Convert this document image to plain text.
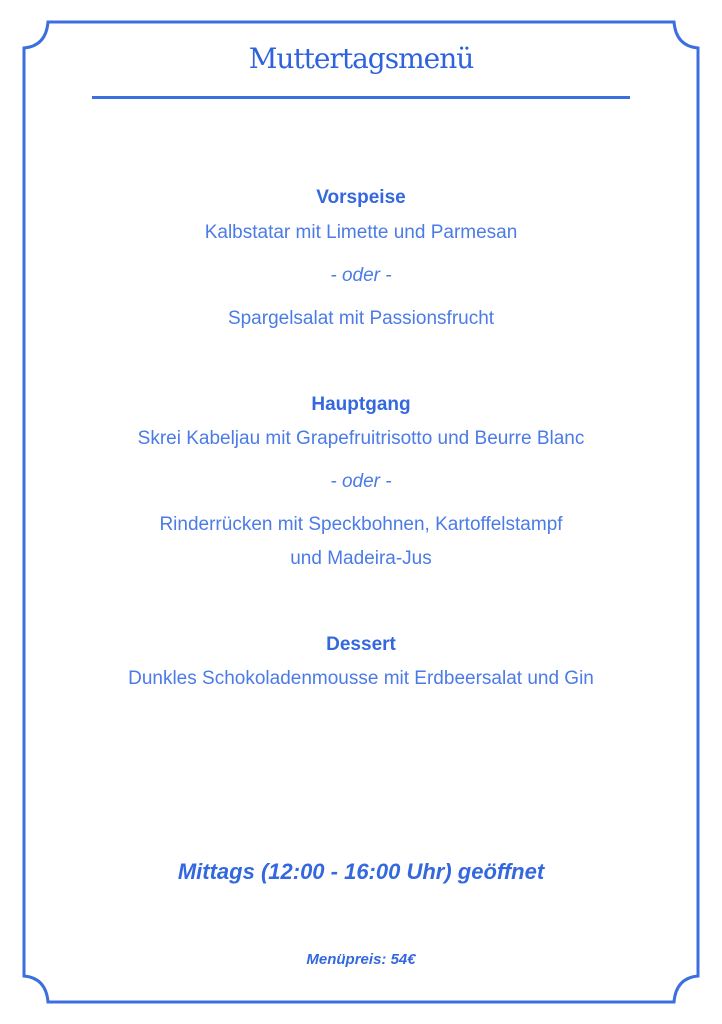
Muttertagsmenü
Vorspeise
Kalbstatar mit Limette und Parmesan
- oder -
Spargelsalat mit Passionsfrucht
Hauptgang
Skrei Kabeljau mit Grapefruitrisotto und Beurre Blanc
- oder -
Rinderrücken mit Speckbohnen, Kartoffelstampf
und Madeira-Jus
Dessert
Dunkles Schokoladenmousse mit Erdbeersalat und Gin
Mittags (12:00 - 16:00 Uhr) geöffnet
Menüpreis: 54€
